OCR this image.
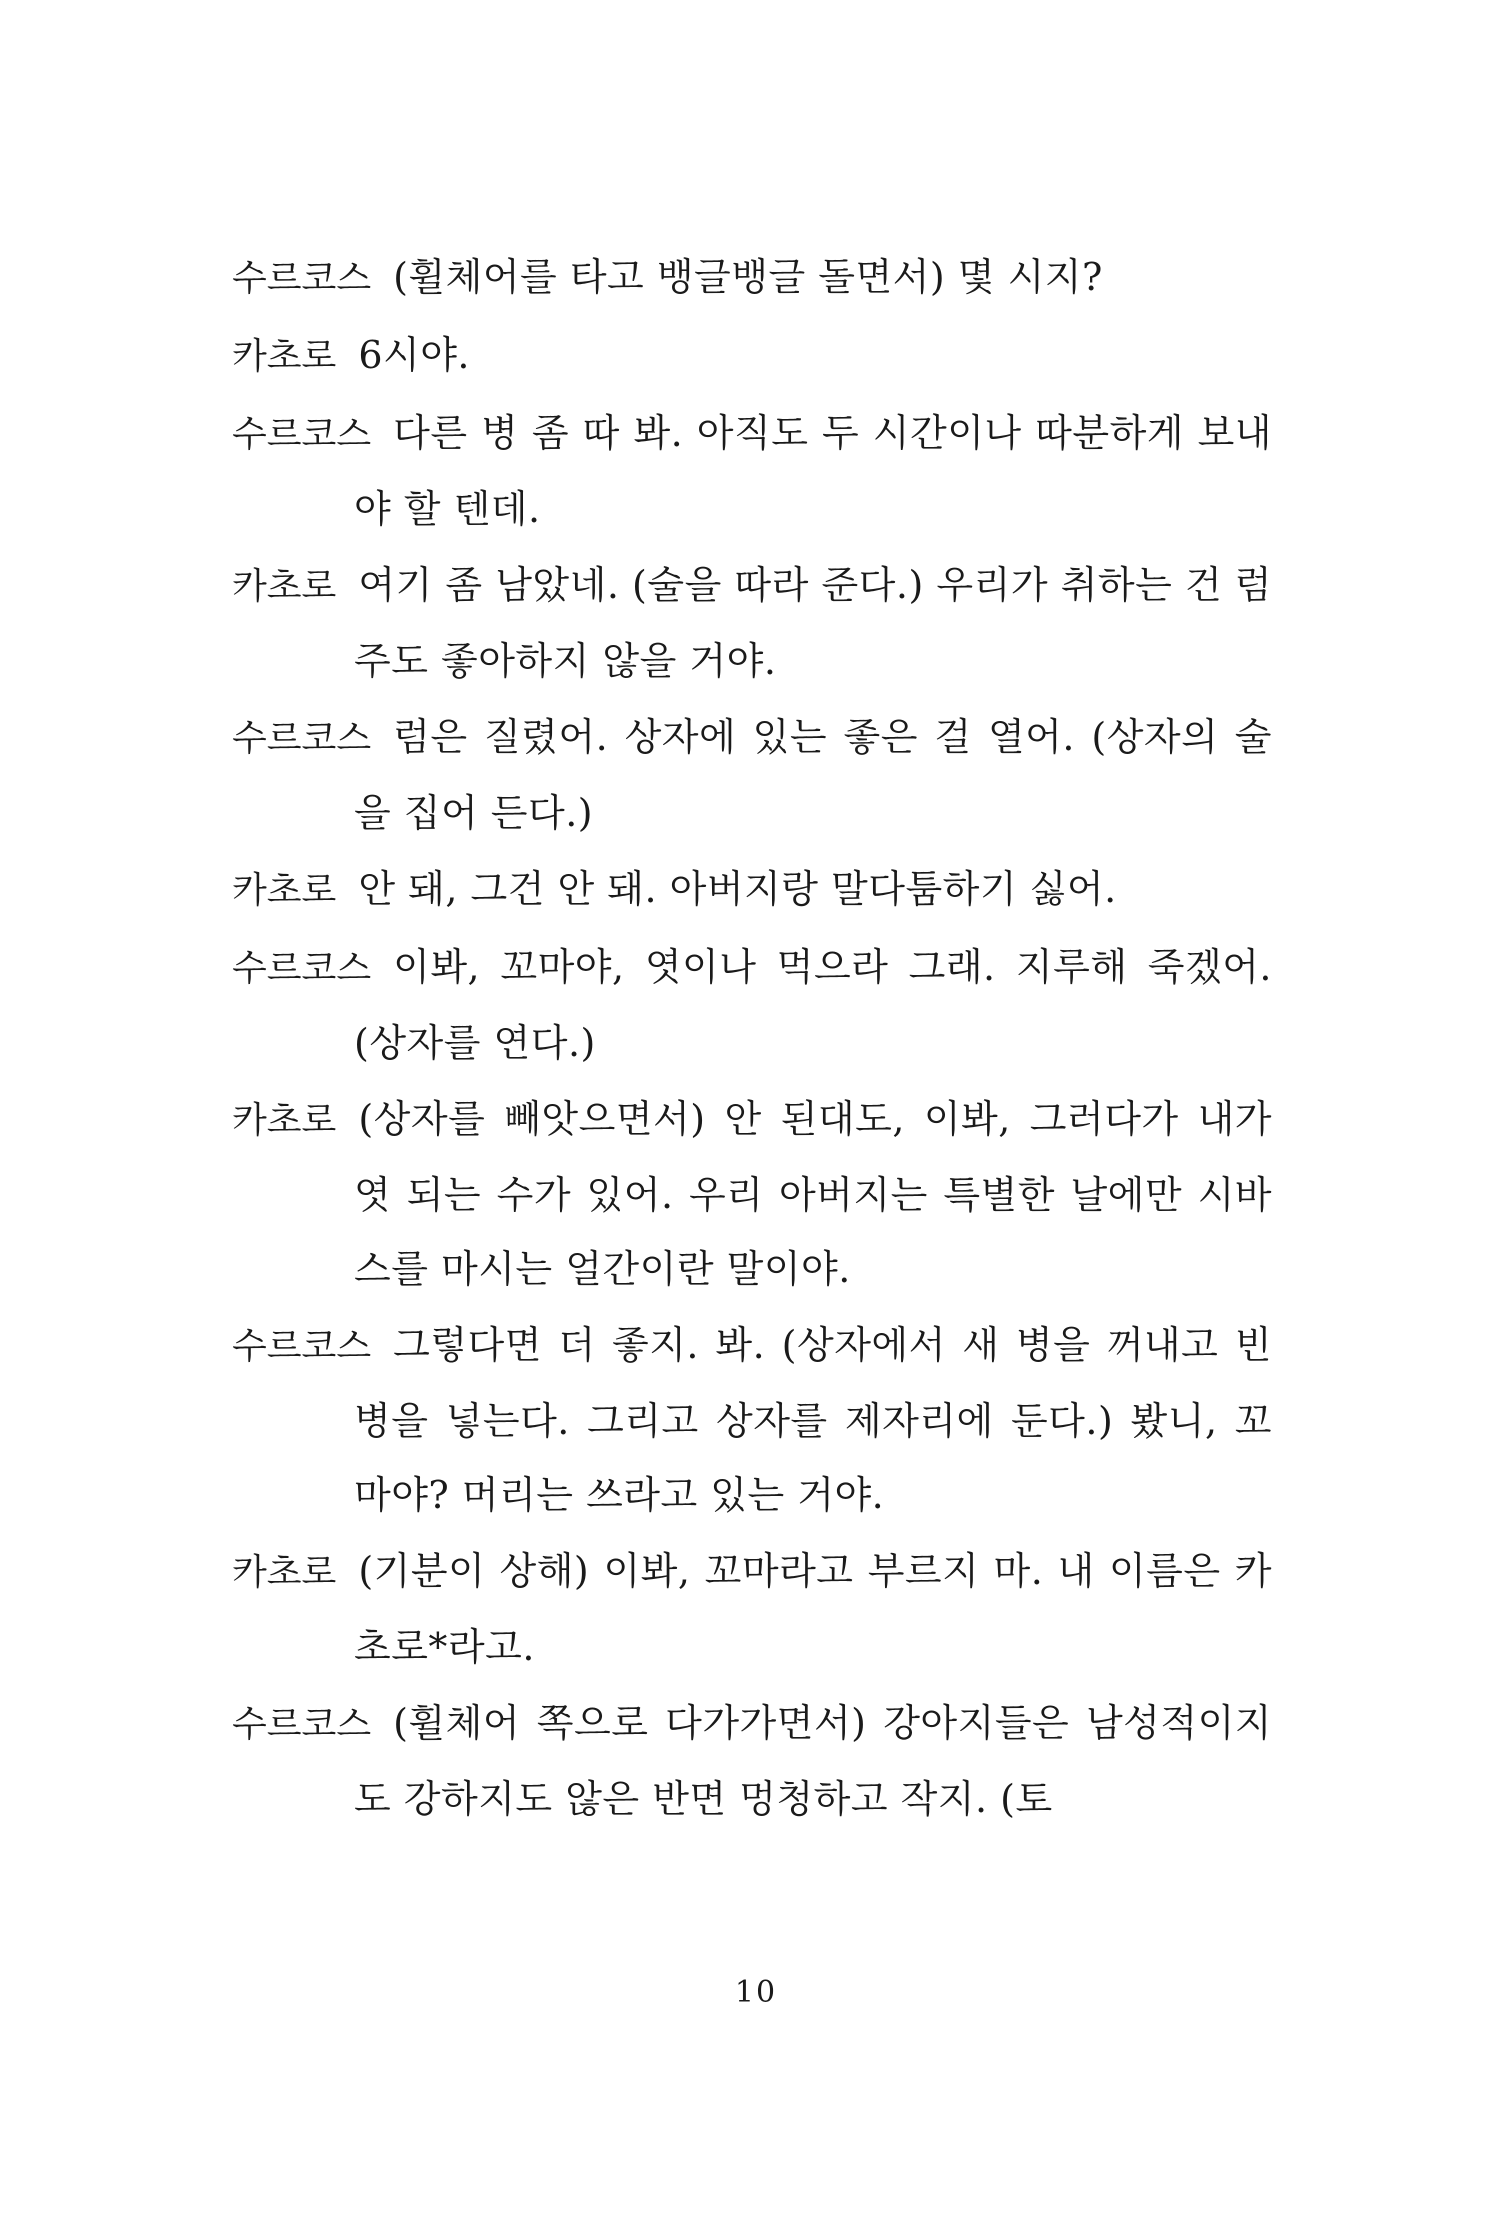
수르코스 (휠체어를 타고 뱅글뱅글 돌면서) 몇 시지?

카초로 6시야.

수르코스 다른 병 좀 따 봐. 아직도 두 시간이나 따분하게 보내야 할 텐데.

카초로 여기 좀 남았네. (술을 따라 준다.) 우리가 취하는 건 럼주도 좋아하지 않을 거야.

수르코스 럼은 질렸어. 상자에 있는 좋은 걸 열어. (상자의 술을 집어 든다.)

카초로 안 돼, 그건 안 돼. 아버지랑 말다툼하기 싫어.

수르코스 이봐, 꼬마야, 엿이나 먹으라 그래. 지루해 죽겠어. (상자를 연다.)

카초로 (상자를 빼앗으면서) 안 된대도, 이봐, 그러다가 내가 엿 되는 수가 있어. 우리 아버지는 특별한 날에만 시바스를 마시는 얼간이란 말이야.

수르코스 그렇다면 더 좋지. 봐. (상자에서 새 병을 꺼내고 빈 병을 넣는다. 그리고 상자를 제자리에 둔다.) 봤니, 꼬마야? 머리는 쓰라고 있는 거야.

카초로 (기분이 상해) 이봐, 꼬마라고 부르지 마. 내 이름은 카초로*라고.

수르코스 (휠체어 쪽으로 다가가면서) 강아지들은 남성적이지도 강하지도 않은 반면 멍청하고 작지. (토

10
